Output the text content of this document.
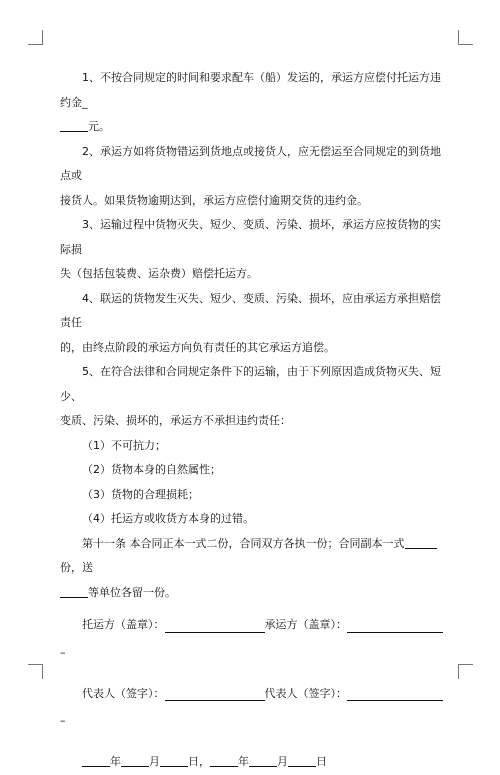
1、不按合同规定的时间和要求配车（船）发运的，承运方应偿付托运方违约金_

元。

2、承运方如将货物错运到货地点或接货人，应无偿运至合同规定的到货地点或

接货人。如果货物逾期达到，承运方应偿付逾期交货的违约金。

3、运输过程中货物灭失、短少、变质、污染、损坏，承运方应按货物的实际损

失（包括包装费、运杂费）赔偿托运方。

4、联运的货物发生灭失、短少、变质、污染、损坏，应由承运方承担赔偿责任

的，由终点阶段的承运方向负有责任的其它承运方追偿。

5、在符合法律和合同规定条件下的运输，由于下列原因造成货物灭失、短少、

变质、污染、损坏的，承运方不承担违约责任：

（1）不可抗力；

（2）货物本身的自然属性；

（3）货物的合理损耗；

（4）托运方或收货方本身的过错。

第十一条 本合同正本一式二份，合同双方各执一份；合同副本一式份，送

等单位各留一份。

托运方（盖章）：	承运方（盖章）：
–
代表人（签字）：	代表人（签字）：
–
年	月	日，	年	月	日
